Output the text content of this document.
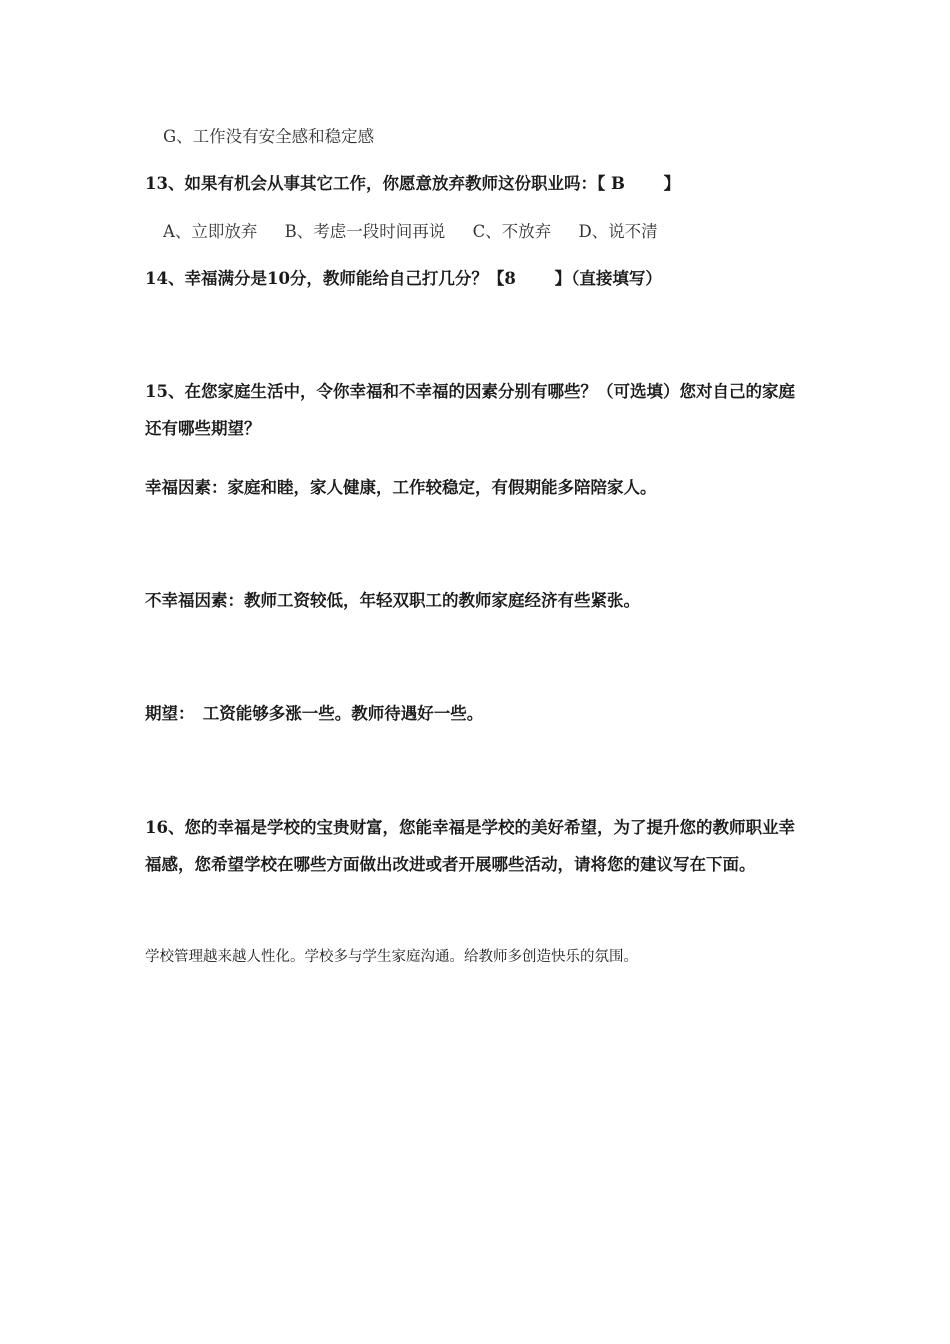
G、工作没有安全感和稳定感
13、如果有机会从事其它工作，你愿意放弃教师这份职业吗：【 B　　 】
A、立即放弃 B、考虑一段时间再说 C、不放弃 D、说不清
14、幸福满分是10分，教师能给自己打几分？【8　　 】（直接填写）
15、在您家庭生活中，令你幸福和不幸福的因素分别有哪些？（可选填）您对自己的家庭还有哪些期望？
幸福因素：家庭和睦，家人健康，工作较稳定，有假期能多陪陪家人。
不幸福因素：教师工资较低，年轻双职工的教师家庭经济有些紧张。
期望：　工资能够多涨一些。教师待遇好一些。
16、您的幸福是学校的宝贵财富，您能幸福是学校的美好希望，为了提升您的教师职业幸福感，您希望学校在哪些方面做出改进或者开展哪些活动，请将您的建议写在下面。
学校管理越来越人性化。学校多与学生家庭沟通。给教师多创造快乐的氛围。
